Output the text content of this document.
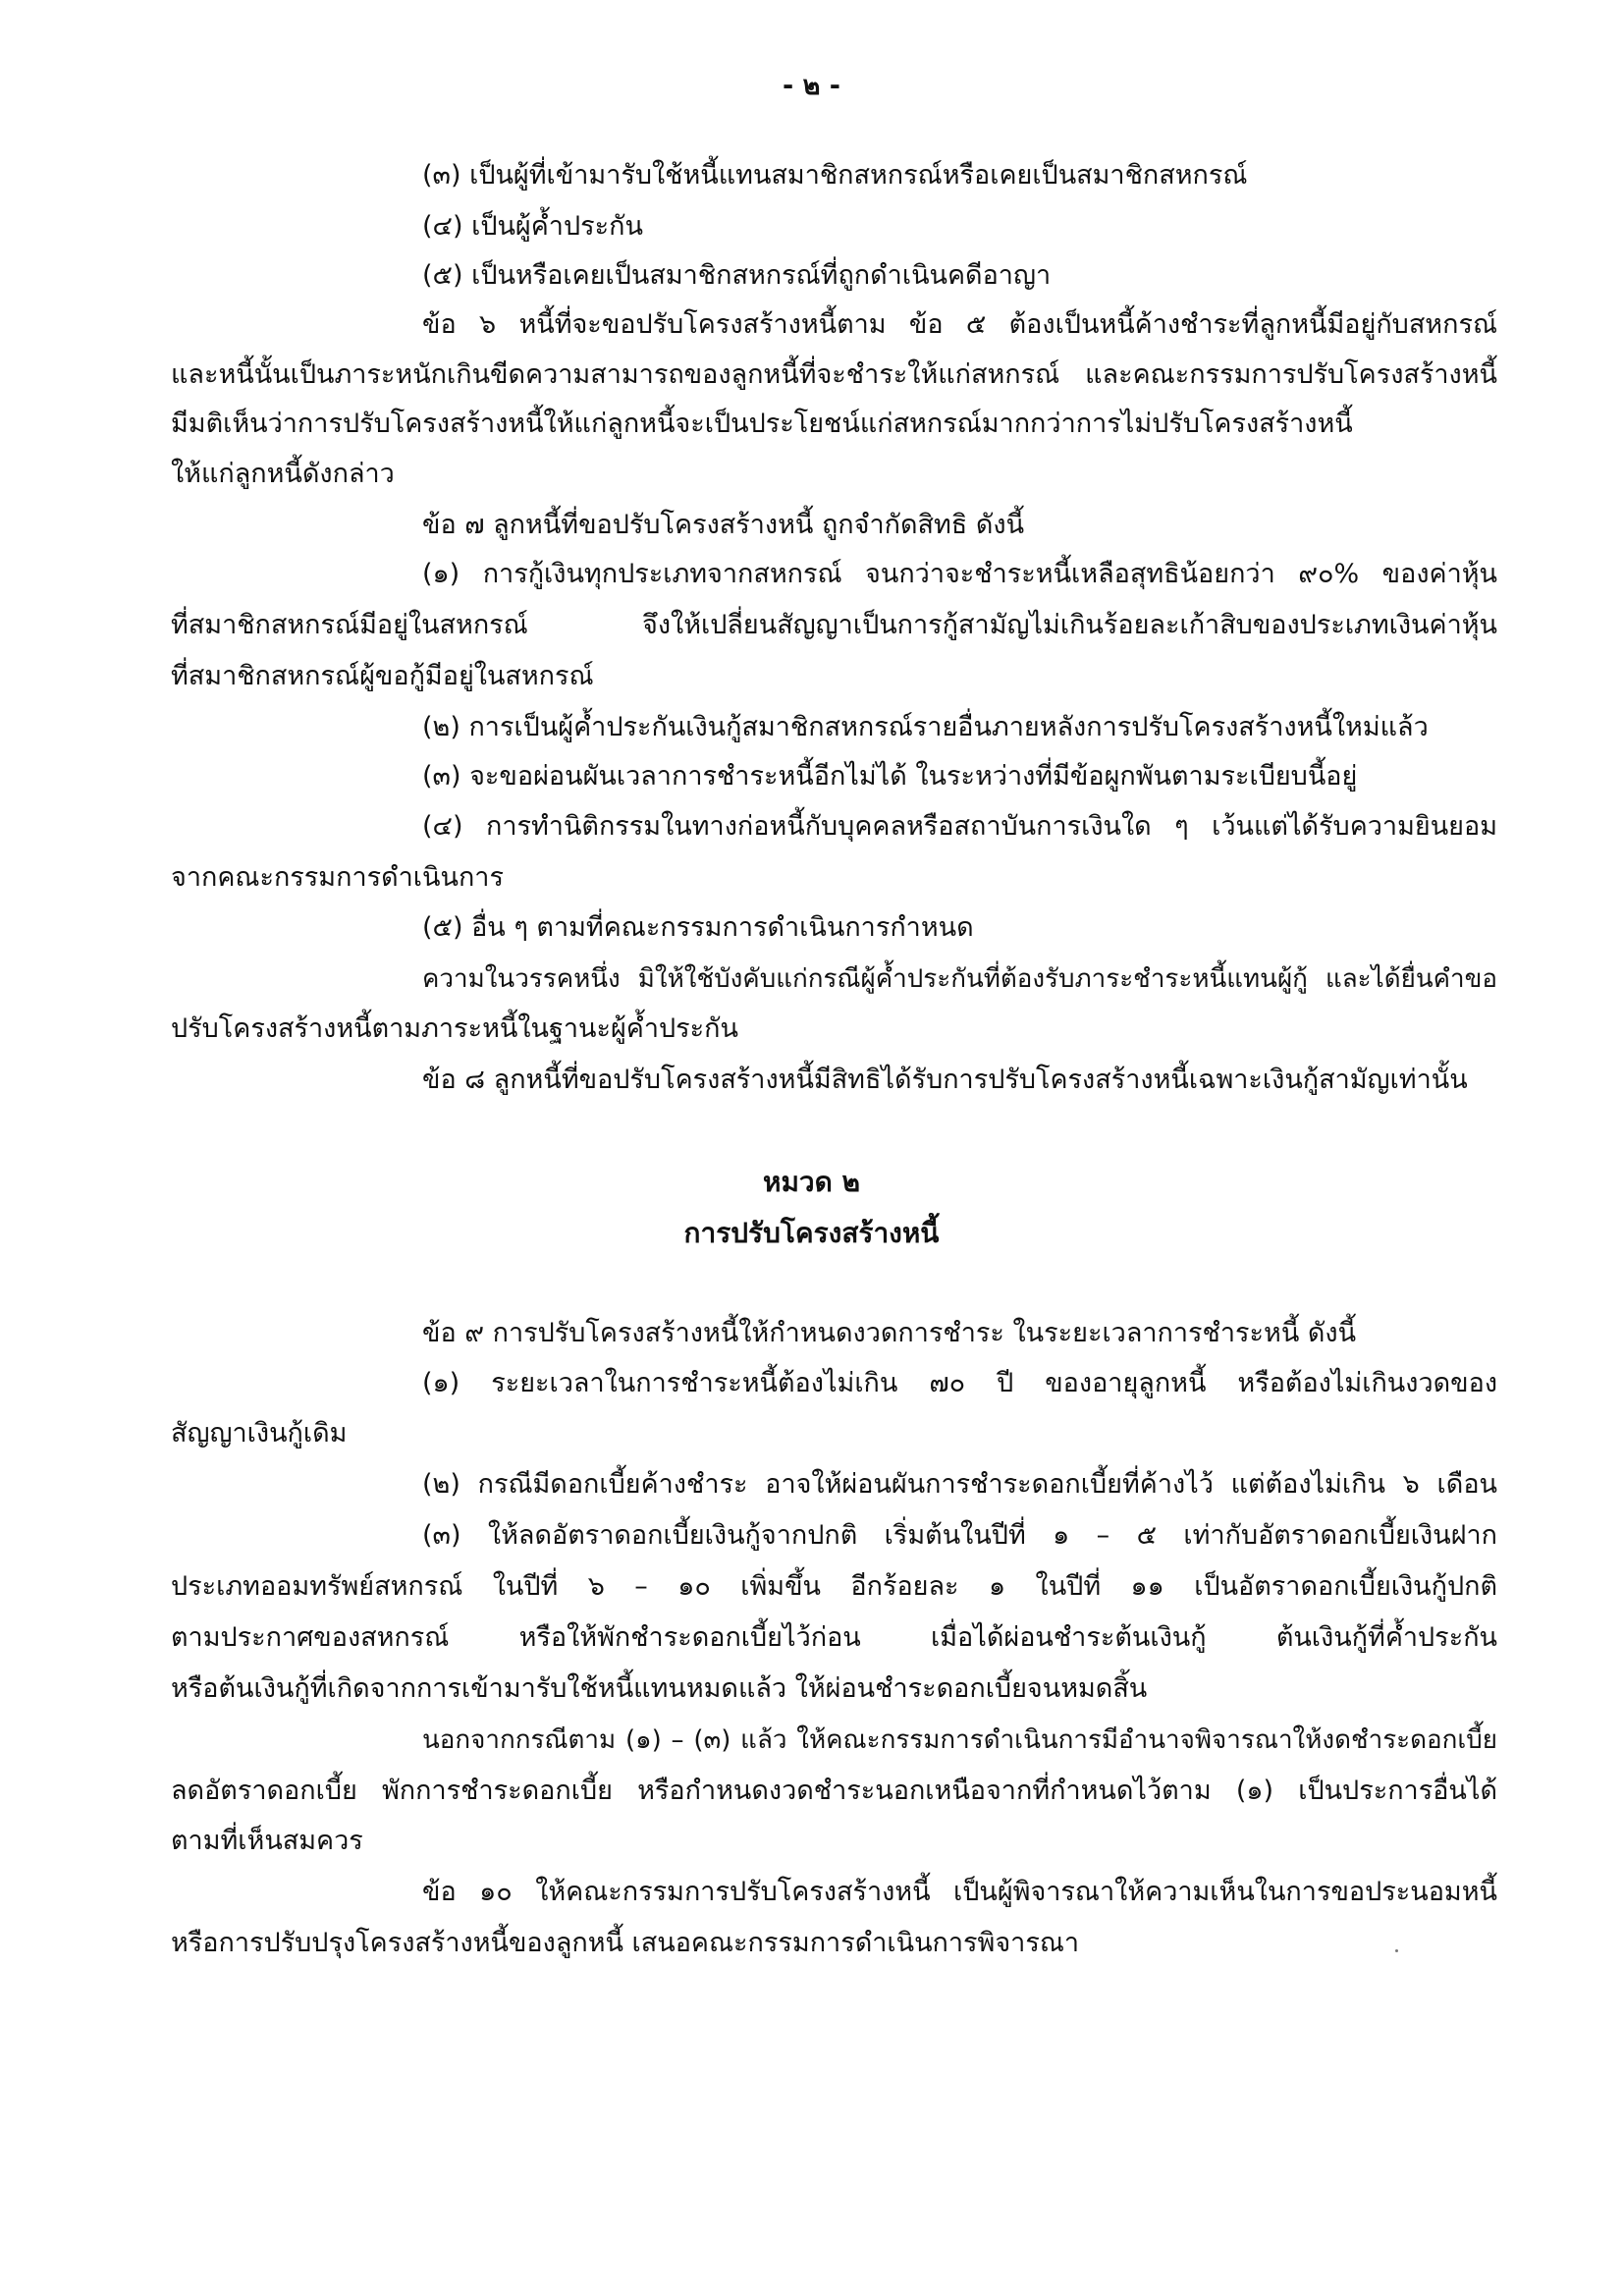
- ๒ -
(๓) เป็นผู้ที่เข้ามารับใช้หนี้แทนสมาชิกสหกรณ์หรือเคยเป็นสมาชิกสหกรณ์
(๔) เป็นผู้ค้ำประกัน
(๕) เป็นหรือเคยเป็นสมาชิกสหกรณ์ที่ถูกดำเนินคดีอาญา
ข้อ ๖ หนี้ที่จะขอปรับโครงสร้างหนี้ตาม ข้อ ๕ ต้องเป็นหนี้ค้างชำระที่ลูกหนี้มีอยู่กับสหกรณ์
และหนี้นั้นเป็นภาระหนักเกินขีดความสามารถของลูกหนี้ที่จะชำระให้แก่สหกรณ์ และคณะกรรมการปรับโครงสร้างหนี้
มีมติเห็นว่าการปรับโครงสร้างหนี้ให้แก่ลูกหนี้จะเป็นประโยชน์แก่สหกรณ์มากกว่าการไม่ปรับโครงสร้างหนี้
ให้แก่ลูกหนี้ดังกล่าว
ข้อ ๗ ลูกหนี้ที่ขอปรับโครงสร้างหนี้ ถูกจำกัดสิทธิ ดังนี้
(๑) การกู้เงินทุกประเภทจากสหกรณ์ จนกว่าจะชำระหนี้เหลือสุทธิน้อยกว่า ๙๐% ของค่าหุ้น
ที่สมาชิกสหกรณ์มีอยู่ในสหกรณ์ จึงให้เปลี่ยนสัญญาเป็นการกู้สามัญไม่เกินร้อยละเก้าสิบของประเภทเงินค่าหุ้น
ที่สมาชิกสหกรณ์ผู้ขอกู้มีอยู่ในสหกรณ์
(๒) การเป็นผู้ค้ำประกันเงินกู้สมาชิกสหกรณ์รายอื่นภายหลังการปรับโครงสร้างหนี้ใหม่แล้ว
(๓) จะขอผ่อนผันเวลาการชำระหนี้อีกไม่ได้ ในระหว่างที่มีข้อผูกพันตามระเบียบนี้อยู่
(๔) การทำนิติกรรมในทางก่อหนี้กับบุคคลหรือสถาบันการเงินใด ๆ เว้นแต่ได้รับความยินยอม
จากคณะกรรมการดำเนินการ
(๕) อื่น ๆ ตามที่คณะกรรมการดำเนินการกำหนด
ความในวรรคหนึ่ง มิให้ใช้บังคับแก่กรณีผู้ค้ำประกันที่ต้องรับภาระชำระหนี้แทนผู้กู้ และได้ยื่นคำขอ
ปรับโครงสร้างหนี้ตามภาระหนี้ในฐานะผู้ค้ำประกัน
ข้อ ๘ ลูกหนี้ที่ขอปรับโครงสร้างหนี้มีสิทธิได้รับการปรับโครงสร้างหนี้เฉพาะเงินกู้สามัญเท่านั้น
หมวด ๒
การปรับโครงสร้างหนี้
ข้อ ๙ การปรับโครงสร้างหนี้ให้กำหนดงวดการชำระ ในระยะเวลาการชำระหนี้ ดังนี้
(๑) ระยะเวลาในการชำระหนี้ต้องไม่เกิน ๗๐ ปี ของอายุลูกหนี้ หรือต้องไม่เกินงวดของ
สัญญาเงินกู้เดิม
(๒) กรณีมีดอกเบี้ยค้างชำระ อาจให้ผ่อนผันการชำระดอกเบี้ยที่ค้างไว้ แต่ต้องไม่เกิน ๖ เดือน
(๓) ให้ลดอัตราดอกเบี้ยเงินกู้จากปกติ เริ่มต้นในปีที่ ๑ – ๕ เท่ากับอัตราดอกเบี้ยเงินฝาก
ประเภทออมทรัพย์สหกรณ์ ในปีที่ ๖ – ๑๐ เพิ่มขึ้น อีกร้อยละ ๑ ในปีที่ ๑๑ เป็นอัตราดอกเบี้ยเงินกู้ปกติ
ตามประกาศของสหกรณ์ หรือให้พักชำระดอกเบี้ยไว้ก่อน เมื่อได้ผ่อนชำระต้นเงินกู้ ต้นเงินกู้ที่ค้ำประกัน
หรือต้นเงินกู้ที่เกิดจากการเข้ามารับใช้หนี้แทนหมดแล้ว ให้ผ่อนชำระดอกเบี้ยจนหมดสิ้น
นอกจากกรณีตาม (๑) – (๓) แล้ว ให้คณะกรรมการดำเนินการมีอำนาจพิจารณาให้งดชำระดอกเบี้ย
ลดอัตราดอกเบี้ย พักการชำระดอกเบี้ย หรือกำหนดงวดชำระนอกเหนือจากที่กำหนดไว้ตาม (๑) เป็นประการอื่นได้
ตามที่เห็นสมควร
ข้อ ๑๐ ให้คณะกรรมการปรับโครงสร้างหนี้ เป็นผู้พิจารณาให้ความเห็นในการขอประนอมหนี้
หรือการปรับปรุงโครงสร้างหนี้ของลูกหนี้ เสนอคณะกรรมการดำเนินการพิจารณา
